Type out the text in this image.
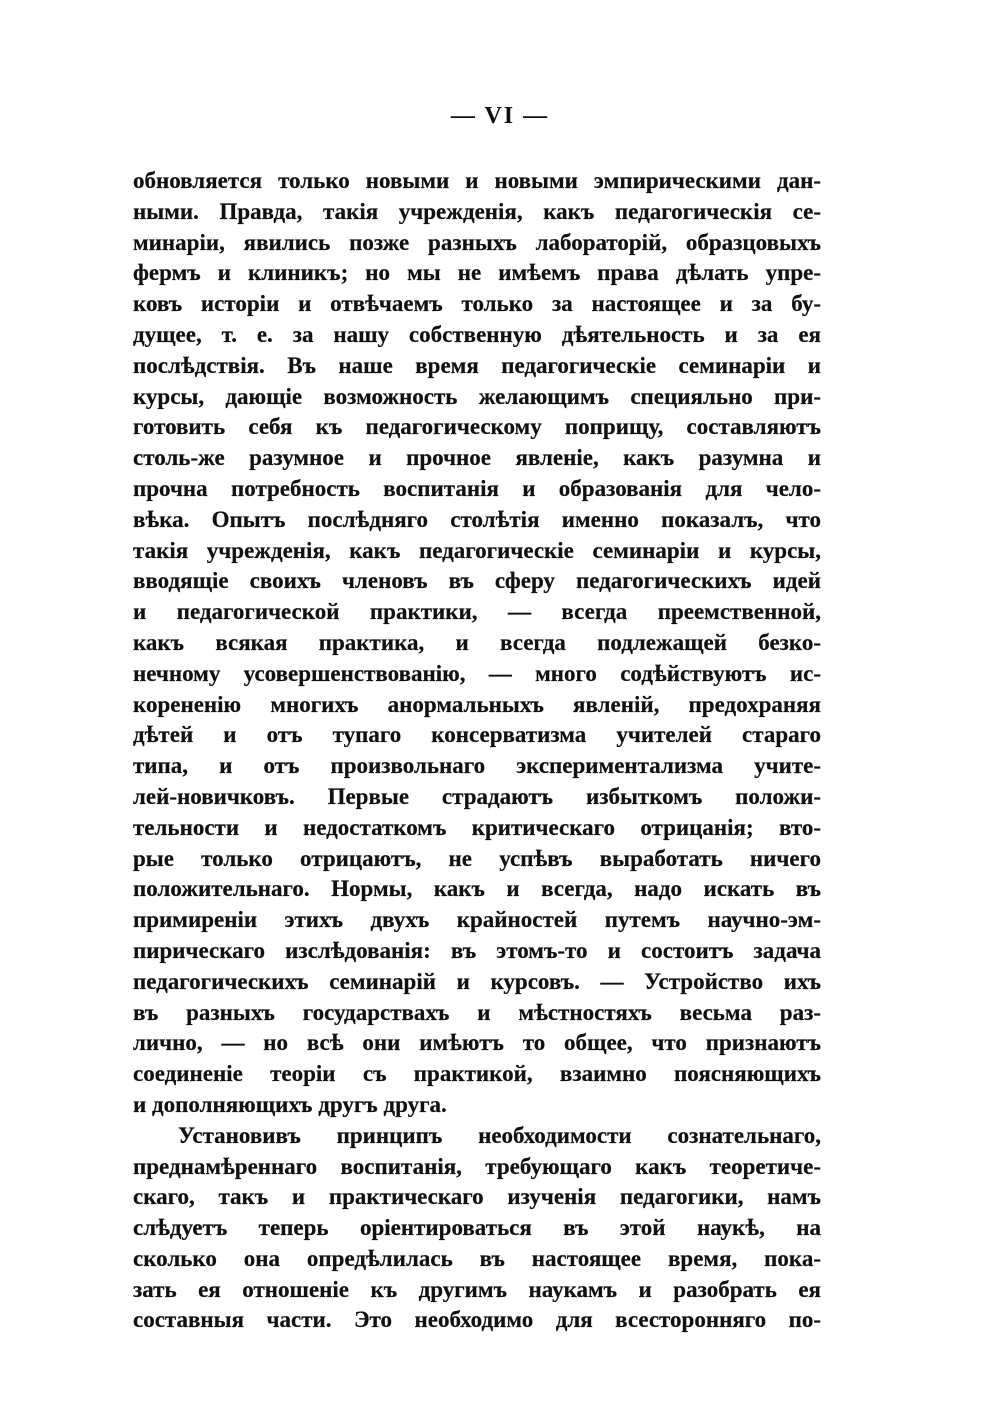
— VI —
обновляется только новыми и новыми эмпирическими дан-
ными. Правда, такія учрежденія, какъ педагогическія се-
минаріи, явились позже разныхъ лабораторій, образцовыхъ
фермъ и клиникъ; но мы не имѣемъ права дѣлать упре-
ковъ исторіи и отвѣчаемъ только за настоящее и за бу-
дущее, т. е. за нашу собственную дѣятельность и за ея
послѣдствія. Въ наше время педагогическіе семинаріи и
курсы, дающіе возможность желающимъ специяльно при-
готовить себя къ педагогическому поприщу, составляютъ
столь-же разумное и прочное явленіе, какъ разумна и
прочна потребность воспитанія и образованія для чело-
вѣка. Опытъ послѣдняго столѣтія именно показалъ, что
такія учрежденія, какъ педагогическіе семинаріи и курсы,
вводящіе своихъ членовъ въ сферу педагогическихъ идей
и педагогической практики, — всегда преемственной,
какъ всякая практика, и всегда подлежащей безко-
нечному усовершенствованію, — много содѣйствуютъ ис-
корененію многихъ анормальныхъ явленій, предохраняя
дѣтей и отъ тупаго консерватизма учителей стараго
типа, и отъ произвольнаго экспериментализма учите-
лей-новичковъ. Первые страдаютъ избыткомъ положи-
тельности и недостаткомъ критическаго отрицанія; вто-
рые только отрицаютъ, не успѣвъ выработать ничего
положительнаго. Нормы, какъ и всегда, надо искать въ
примиреніи этихъ двухъ крайностей путемъ научно-эм-
пирическаго изслѣдованія: въ этомъ-то и состоитъ задача
педагогическихъ семинарій и курсовъ. — Устройство ихъ
въ разныхъ государствахъ и мѣстностяхъ весьма раз-
лично, — но всѣ они имѣютъ то общее, что признаютъ
соединеніе теоріи съ практикой, взаимно поясняющихъ
и дополняющихъ другъ друга.
Установивъ принципъ необходимости сознательнаго,
преднамѣреннаго воспитанія, требующаго какъ теоретиче-
скаго, такъ и практическаго изученія педагогики, намъ
слѣдуетъ теперь оріентироваться въ этой наукѣ, на
сколько она опредѣлилась въ настоящее время, пока-
зать ея отношеніе къ другимъ наукамъ и разобрать ея
составныя части. Это необходимо для всесторонняго по-
